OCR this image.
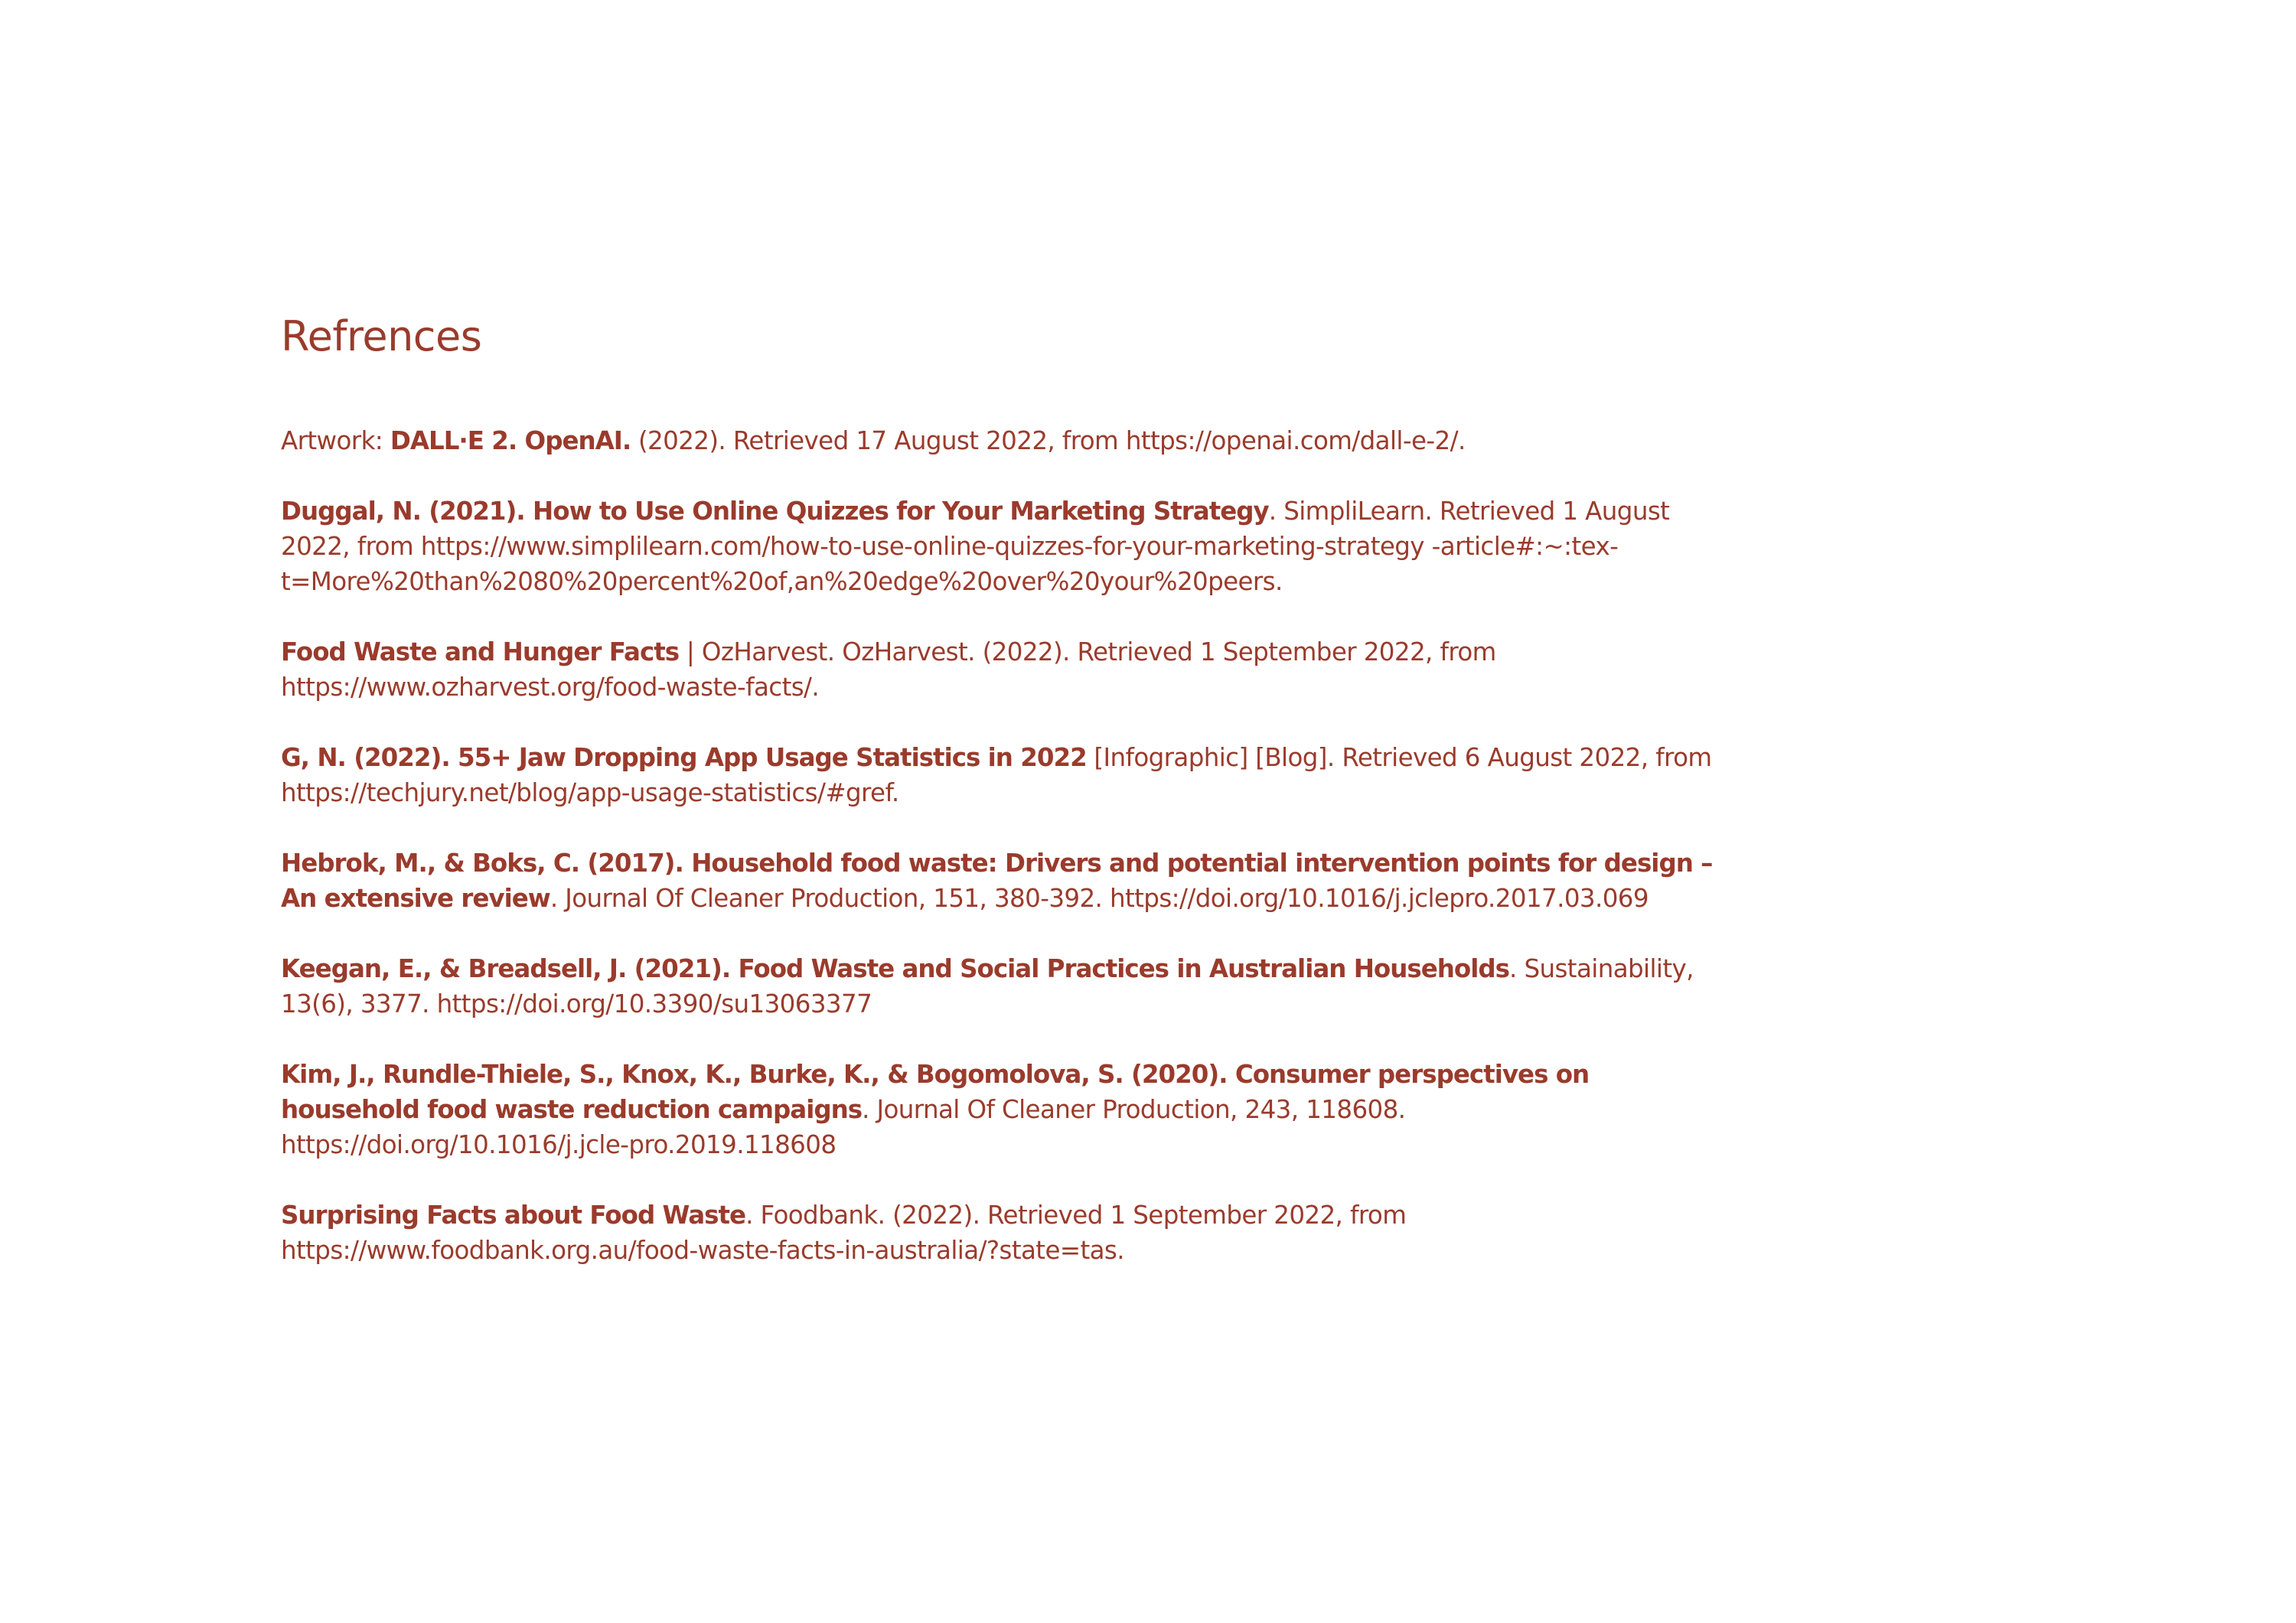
Refrences
Artwork: DALL·E 2. OpenAI. (2022). Retrieved 17 August 2022, from https://openai.com/dall-e-2/.
Duggal, N. (2021). How to Use Online Quizzes for Your Marketing Strategy. SimpliLearn. Retrieved 1 August 2022, from https://www.simplilearn.com/how-to-use-online-quizzes-for-your-marketing-strategy -article#:~:tex-t=More%20than%2080%20percent%20of,an%20edge%20over%20your%20peers.
Food Waste and Hunger Facts | OzHarvest. OzHarvest. (2022). Retrieved 1 September 2022, from https://www.ozharvest.org/food-waste-facts/.
G, N. (2022). 55+ Jaw Dropping App Usage Statistics in 2022 [Infographic] [Blog]. Retrieved 6 August 2022, from https://techjury.net/blog/app-usage-statistics/#gref.
Hebrok, M., & Boks, C. (2017). Household food waste: Drivers and potential intervention points for design – An extensive review. Journal Of Cleaner Production, 151, 380-392. https://doi.org/10.1016/j.jclepro.2017.03.069
Keegan, E., & Breadsell, J. (2021). Food Waste and Social Practices in Australian Households. Sustainability, 13(6), 3377. https://doi.org/10.3390/su13063377
Kim, J., Rundle-Thiele, S., Knox, K., Burke, K., & Bogomolova, S. (2020). Consumer perspectives on household food waste reduction campaigns. Journal Of Cleaner Production, 243, 118608. https://doi.org/10.1016/j.jcle-pro.2019.118608
Surprising Facts about Food Waste. Foodbank. (2022). Retrieved 1 September 2022, from https://www.foodbank.org.au/food-waste-facts-in-australia/?state=tas.
